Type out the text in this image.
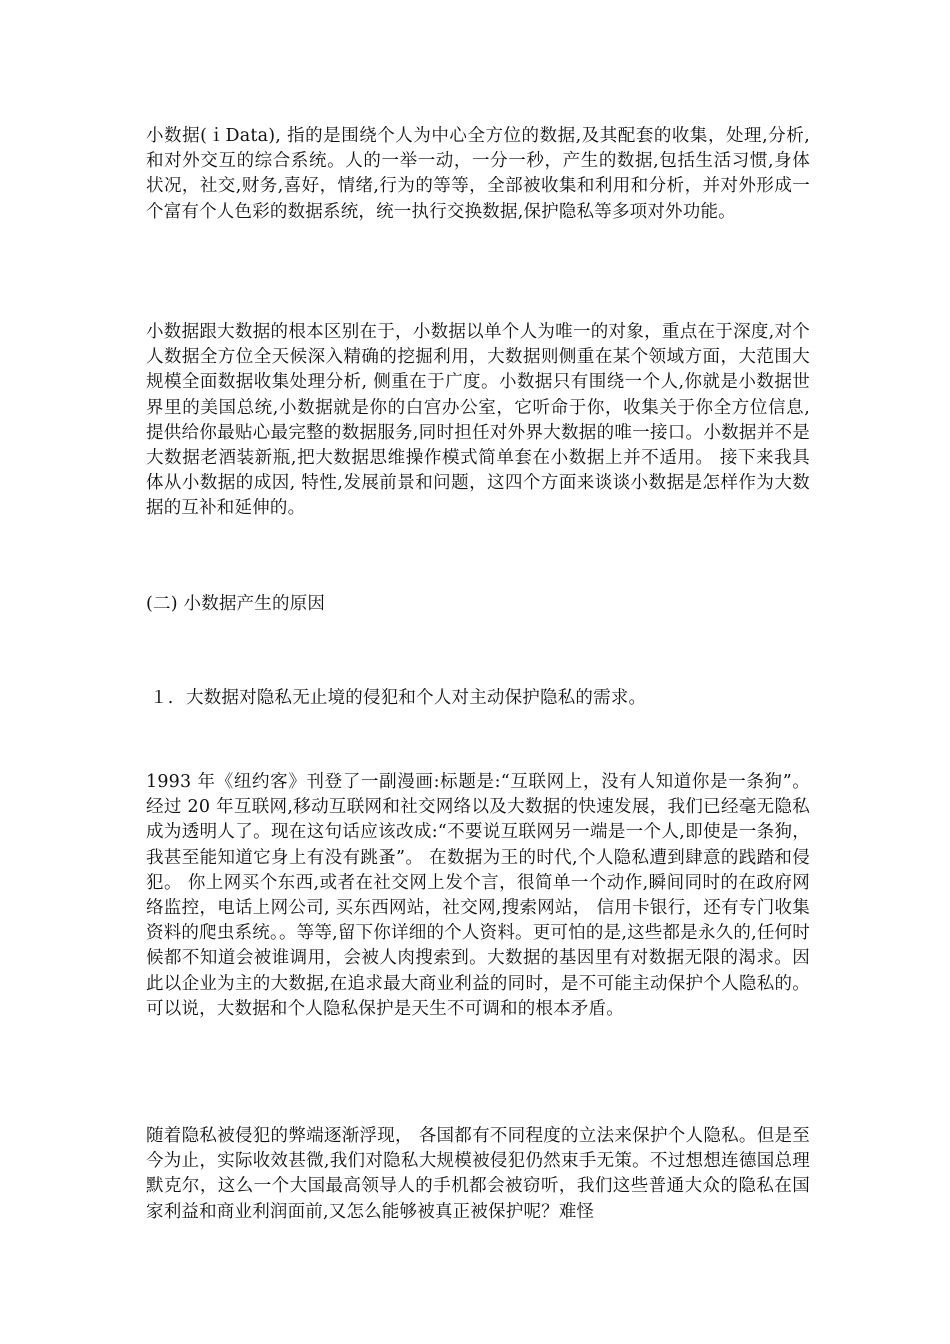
小数据(ｉData), 指的是围绕个人为中心全方位的数据,及其配套的收集，处理,分析,和对外交互的综合系统。人的一举一动，一分一秒，产生的数据,包括生活习惯,身体状况，社交,财务,喜好，情绪,行为的等等，全部被收集和利用和分析，并对外形成一个富有个人色彩的数据系统，统一执行交换数据,保护隐私等多项对外功能。

小数据跟大数据的根本区别在于，小数据以单个人为唯一的对象，重点在于深度,对个人数据全方位全天候深入精确的挖掘利用，大数据则侧重在某个领域方面，大范围大规模全面数据收集处理分析, 侧重在于广度。小数据只有围绕一个人,你就是小数据世界里的美国总统,小数据就是你的白宫办公室，它听命于你，收集关于你全方位信息,提供给你最贴心最完整的数据服务,同时担任对外界大数据的唯一接口。小数据并不是大数据老酒装新瓶,把大数据思维操作模式简单套在小数据上并不适用。 接下来我具体从小数据的成因, 特性,发展前景和问题，这四个方面来谈谈小数据是怎样作为大数据的互补和延伸的。

(二) 小数据产生的原因

１. 大数据对隐私无止境的侵犯和个人对主动保护隐私的需求。

1993 年《纽约客》刊登了一副漫画:标题是:“互联网上，没有人知道你是一条狗”。经过 20 年互联网,移动互联网和社交网络以及大数据的快速发展，我们已经毫无隐私成为透明人了。现在这句话应该改成:“不要说互联网另一端是一个人,即使是一条狗，我甚至能知道它身上有没有跳蚤”。 在数据为王的时代,个人隐私遭到肆意的践踏和侵犯。 你上网买个东西,或者在社交网上发个言，很简单一个动作,瞬间同时的在政府网络监控，电话上网公司, 买东西网站，社交网,搜索网站， 信用卡银行，还有专门收集资料的爬虫系统。。等等,留下你详细的个人资料。更可怕的是,这些都是永久的,任何时候都不知道会被谁调用，会被人肉搜索到。大数据的基因里有对数据无限的渴求。因此以企业为主的大数据,在追求最大商业利益的同时，是不可能主动保护个人隐私的。可以说，大数据和个人隐私保护是天生不可调和的根本矛盾。

随着隐私被侵犯的弊端逐渐浮现， 各国都有不同程度的立法来保护个人隐私。但是至今为止，实际收效甚微,我们对隐私大规模被侵犯仍然束手无策。不过想想连德国总理默克尔，这么一个大国最高领导人的手机都会被窃听，我们这些普通大众的隐私在国家利益和商业利润面前,又怎么能够被真正被保护呢？难怪
